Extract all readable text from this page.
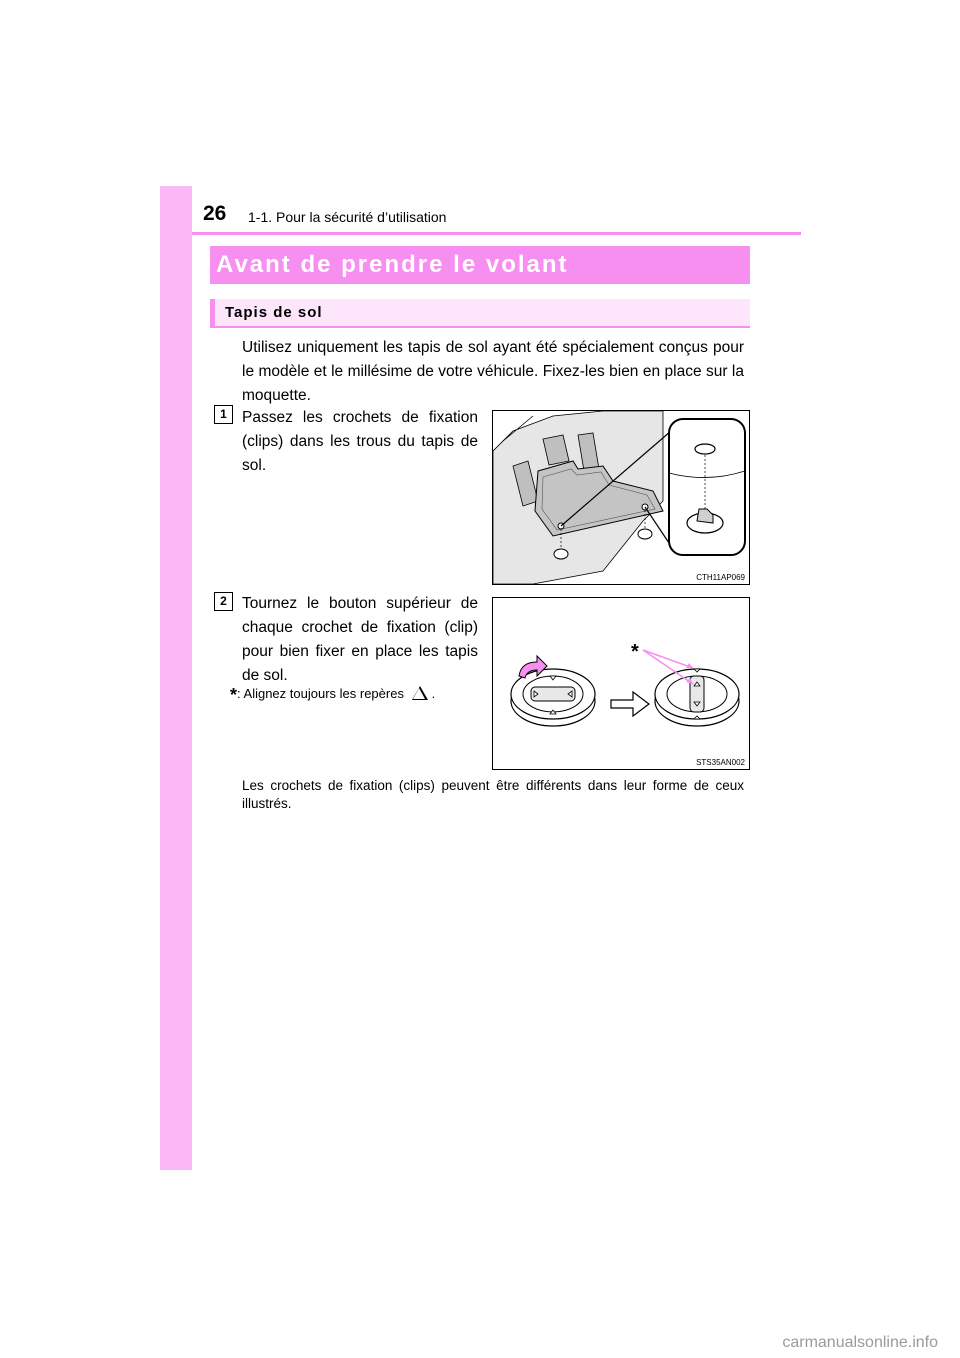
26 1-1. Pour la sécurité d’utilisation
Avant de prendre le volant
Tapis de sol
Utilisez uniquement les tapis de sol ayant été spécialement conçus pour le modèle et le millésime de votre véhicule. Fixez-les bien en place sur la moquette.
1 Passez les crochets de fixation (clips) dans les trous du tapis de sol.
CTH11AP069
2 Tournez le bouton supérieur de chaque crochet de fixation (clip) pour bien fixer en place les tapis de sol.
*: Alignez toujours les repères .
*
STS35AN002
Les crochets de fixation (clips) peuvent être différents dans leur forme de ceux illustrés.
carmanualsonline.info
